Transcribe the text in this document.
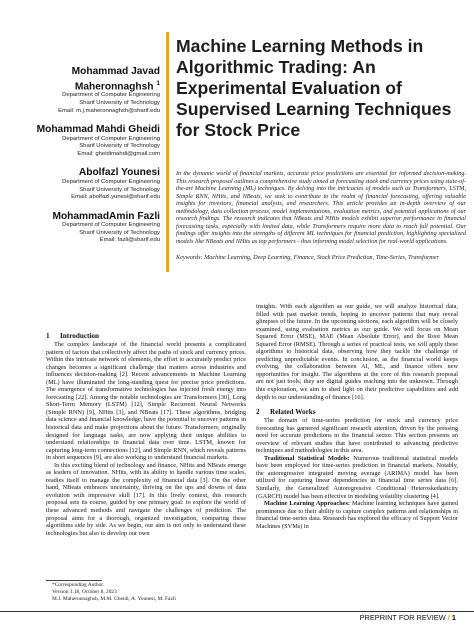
Mohammad Javad Maheronnaghsh $^1$
Department of Computer Engineering
Sharif University of Technology
Email: m.j.maheronnaghsh@sharif.edu
Mohammad Mahdi Gheidi
Department of Computer Engineering
Sharif University of Technology
Email: gheidimahdi@gmail.com
Abolfazl Younesi
Department of Computer Engineering
Sharif University of Technology
Email: abolfazl.yunesi@sharif.edu
MohammadAmin Fazli
Department of Computer Engineering
Sharif University of Technology
Email: fazli@sharif.edu
Machine Learning Methods in Algorithmic Trading: An Experimental Evaluation of Supervised Learning Techniques for Stock Price
In the dynamic world of financial markets, accurate price predictions are essential for informed decision-making. This research proposal outlines a comprehensive study aimed at forecasting stock and currency prices using state-of-the-art Machine Learning (ML) techniques. By delving into the intricacies of models such as Transformers, LSTM, Simple RNN, NHits, and NBeats, we seek to contribute to the realm of financial forecasting, offering valuable insights for investors, financial analysts, and researchers. This article provides an in-depth overview of our methodology, data collection process, model implementations, evaluation metrics, and potential applications of our research findings. The research indicates that NBeats and NHits models exhibit superior performance in financial forecasting tasks, especially with limited data, while Transformers require more data to reach full potential. Our findings offer insights into the strengths of different ML techniques for financial prediction, highlighting specialized models like NBeats and NHits as top performers - thus informing model selection for real-world applications.
Keywords: Machine Learning, Deep Learning, Finance, Stock Price Prediction, Time-Series, Transformer
1 Introduction

The complex landscape of the financial world presents a complicated pattern of factors that collectively affect the paths of stock and currency prices. Within this intricate network of elements, the effort to accurately predict price changes becomes a significant challenge that matters across industries and influences decision-making [2]. Recent advancements in Machine Learning (ML) have illuminated the long-standing quest for precise price predictions. The emergence of transformative technologies has injected fresh energy into forecasting [22]. Among the notable technologies are Transformers [30], Long Short-Term Memory (LSTM) [12], Simple Recurrent Neural Networks (Simple RNN) [9], NHits [3], and NBeats [17]. These algorithms, bridging data science and financial knowledge, have the potential to uncover patterns in historical data and make projections about the future. Transformers, originally designed for language tasks, are now applying their unique abilities to understand relationships in financial data over time. LSTM, known for capturing long-term connections [12], and Simple RNN, which reveals patterns in short sequences [9], are also working to understand financial markets.

In this exciting blend of technology and finance, NHits and NBeats emerge as leaders of innovation. NHits, with its ability to handle various time scales, readies itself to manage the complexity of financial data [3]. On the other hand, NBeats embraces uncertainty, thriving on the ups and downs of data evolution with impressive skill [17]. In this lively context, this research proposal sets its course, guided by one primary goal: to explore the world of these advanced methods and navigate the challenges of prediction. The proposal aims for a thorough, organized investigation, comparing these algorithms side by side. As we begin, our aim is not only to understand these technologies but also to develop our own

insights. With each algorithm as our guide, we will analyze historical data, filled with past market trends, hoping to uncover patterns that may reveal glimpses of the future. In the upcoming sections, each algorithm will be closely examined, using evaluation metrics as our guide. We will focus on Mean Squared Error (MSE), MAE (Mean Absolute Error), and the Root Mean Squared Error (RMSE). Through a series of practical tests, we will apply these algorithms to historical data, observing how they tackle the challenge of predicting unpredictable events. In conclusion, as the financial world keeps evolving, the collaboration between AI, ML, and finance offers new opportunities for insight. The algorithms at the core of this research proposal are not just tools; they are digital guides reaching into the unknown. Through this exploration, we aim to shed light on their predictive capabilities and add depth to our understanding of finance [16].

2 Related Works

The domain of time-series prediction for stock and currency price forecasting has garnered significant research attention, driven by the pressing need for accurate predictions in the financial sector. This section presents an overview of relevant studies that have contributed to advancing predictive techniques and methodologies in this area.

Traditional Statistical Models: Numerous traditional statistical models have been employed for time-series prediction in financial markets. Notably, the autoregressive integrated moving average (ARIMA) model has been utilized for capturing linear dependencies in financial time series data [6]. Similarly, the Generalized Autoregressive Conditional Heteroskedasticity (GARCH) model has been effective in modeling volatility clustering [4].

Machine Learning Approaches: Machine learning techniques have gained prominence due to their ability to capture complex patterns and relationships in financial time-series data. Research has explored the efficacy of Support Vector Machines (SVMs) in

*Corresponding Author.
Version 1.18, October 8, 2023
M.J. Maheronnaghsh, M.M. Gheidi, A. Younesi, M. Fazli
PREPRINT FOR REVIEW / 1
